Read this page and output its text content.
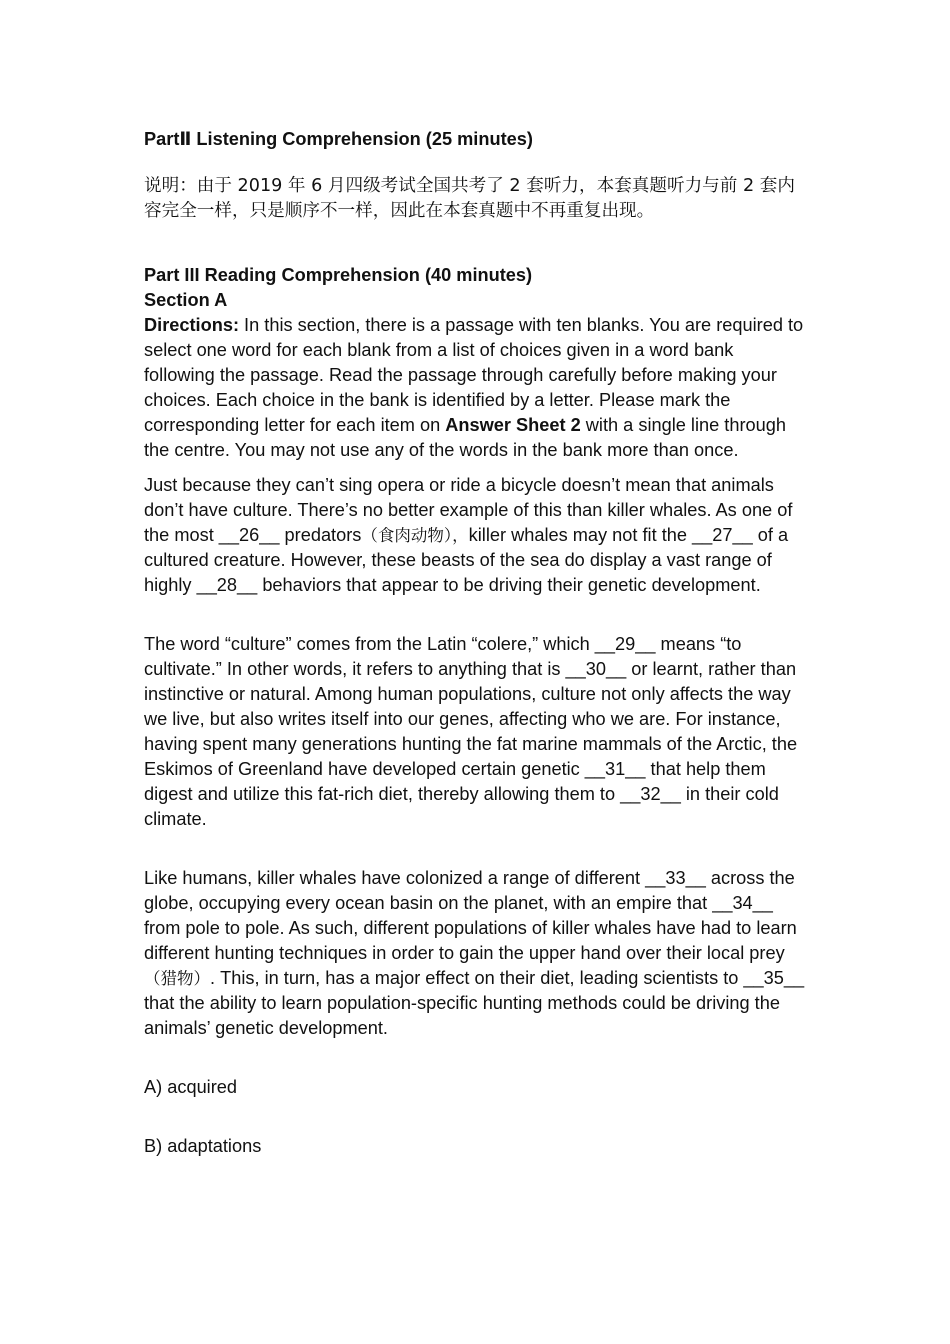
PartⅡ Listening Comprehension (25 minutes)

说明：由于 2019 年 6 月四级考试全国共考了 2 套听力，本套真题听力与前 2 套内容完全一样，只是顺序不一样，因此在本套真题中不再重复出现。

Part III Reading Comprehension (40 minutes)

Section A

Directions: In this section, there is a passage with ten blanks. You are required to select one word for each blank from a list of choices given in a word bank following the passage. Read the passage through carefully before making your choices. Each choice in the bank is identified by a letter. Please mark the corresponding letter for each item on Answer Sheet 2 with a single line through the centre. You may not use any of the words in the bank more than once.

Just because they can’t sing opera or ride a bicycle doesn’t mean that animals don’t have culture. There’s no better example of this than killer whales. As one of the most __26__ predators（食肉动物），killer whales may not fit the __27__ of a cultured creature. However, these beasts of the sea do display a vast range of highly __28__ behaviors that appear to be driving their genetic development.

The word “culture” comes from the Latin “colere,” which __29__ means “to cultivate.” In other words, it refers to anything that is __30__ or learnt, rather than instinctive or natural. Among human populations, culture not only affects the way we live, but also writes itself into our genes, affecting who we are. For instance, having spent many generations hunting the fat marine mammals of the Arctic, the Eskimos of Greenland have developed certain genetic __31__ that help them digest and utilize this fat-rich diet, thereby allowing them to __32__ in their cold climate.

Like humans, killer whales have colonized a range of different __33__ across the globe, occupying every ocean basin on the planet, with an empire that __34__ from pole to pole. As such, different populations of killer whales have had to learn different hunting techniques in order to gain the upper hand over their local prey（猎物）. This, in turn, has a major effect on their diet, leading scientists to __35__ that the ability to learn population-specific hunting methods could be driving the animals’ genetic development.

A) acquired

B) adaptations
